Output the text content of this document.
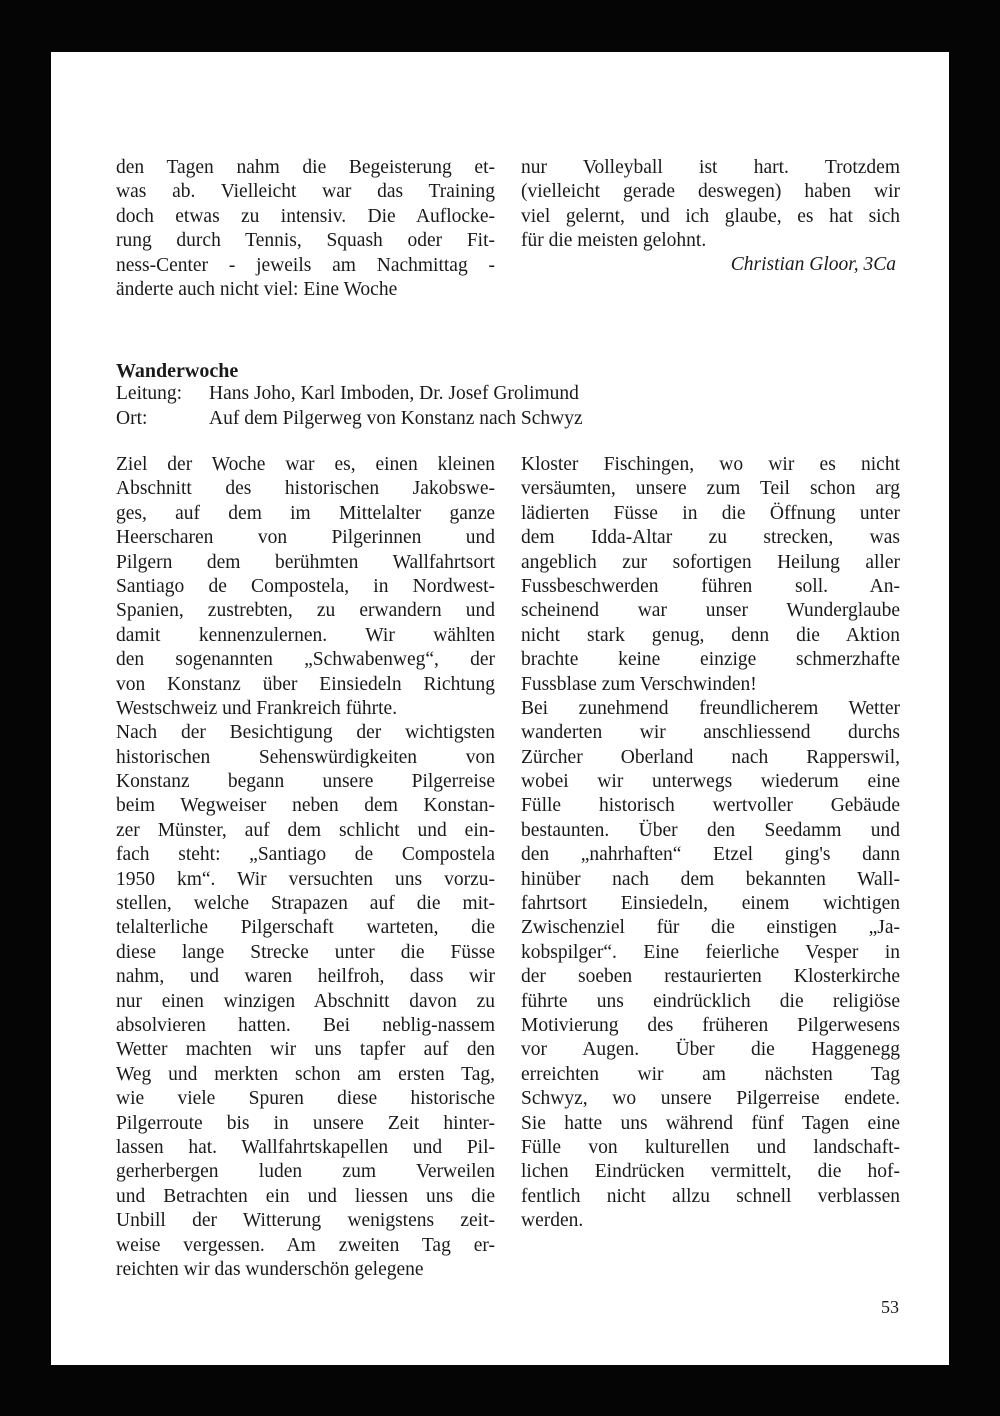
den Tagen nahm die Begeisterung et-
was ab. Vielleicht war das Training
doch etwas zu intensiv. Die Auflocke-
rung durch Tennis, Squash oder Fit-
ness-Center - jeweils am Nachmittag -
änderte auch nicht viel: Eine Woche
nur Volleyball ist hart. Trotzdem
(vielleicht gerade deswegen) haben wir
viel gelernt, und ich glaube, es hat sich
für die meisten gelohnt.
Christian Gloor, 3Ca
Wanderwoche
Leitung: Hans Joho, Karl Imboden, Dr. Josef Grolimund
Ort:	Auf dem Pilgerweg von Konstanz nach Schwyz
Ziel der Woche war es, einen kleinen
Abschnitt des historischen Jakobswe-
ges, auf dem im Mittelalter ganze
Heerscharen von Pilgerinnen und
Pilgern dem berühmten Wallfahrtsort
Santiago de Compostela, in Nordwest-
Spanien, zustrebten, zu erwandern und
damit kennenzulernen. Wir wählten
den sogenannten „Schwabenweg“, der
von Konstanz über Einsiedeln Richtung
Westschweiz und Frankreich führte.
Nach der Besichtigung der wichtigsten
historischen Sehenswürdigkeiten von
Konstanz begann unsere Pilgerreise
beim Wegweiser neben dem Konstan-
zer Münster, auf dem schlicht und ein-
fach steht: „Santiago de Compostela
1950 km“. Wir versuchten uns vorzu-
stellen, welche Strapazen auf die mit-
telalterliche Pilgerschaft warteten, die
diese lange Strecke unter die Füsse
nahm, und waren heilfroh, dass wir
nur einen winzigen Abschnitt davon zu
absolvieren hatten. Bei neblig-nassem
Wetter machten wir uns tapfer auf den
Weg und merkten schon am ersten Tag,
wie viele Spuren diese historische
Pilgerroute bis in unsere Zeit hinter-
lassen hat. Wallfahrtskapellen und Pil-
gerherbergen luden zum Verweilen
und Betrachten ein und liessen uns die
Unbill der Witterung wenigstens zeit-
weise vergessen. Am zweiten Tag er-
reichten wir das wunderschön gelegene
Kloster Fischingen, wo wir es nicht
versäumten, unsere zum Teil schon arg
lädierten Füsse in die Öffnung unter
dem Idda-Altar zu strecken, was
angeblich zur sofortigen Heilung aller
Fussbeschwerden führen soll. An-
scheinend war unser Wunderglaube
nicht stark genug, denn die Aktion
brachte keine einzige schmerzhafte
Fussblase zum Verschwinden!
Bei zunehmend freundlicherem Wetter
wanderten wir anschliessend durchs
Zürcher Oberland nach Rapperswil,
wobei wir unterwegs wiederum eine
Fülle historisch wertvoller Gebäude
bestaunten. Über den Seedamm und
den „nahrhaften“ Etzel ging's dann
hinüber nach dem bekannten Wall-
fahrtsort Einsiedeln, einem wichtigen
Zwischenziel für die einstigen „Ja-
kobspilger“. Eine feierliche Vesper in
der soeben restaurierten Klosterkirche
führte uns eindrücklich die religiöse
Motivierung des früheren Pilgerwesens
vor Augen. Über die Haggenegg
erreichten wir am nächsten Tag
Schwyz, wo unsere Pilgerreise endete.
Sie hatte uns während fünf Tagen eine
Fülle von kulturellen und landschaft-
lichen Eindrücken vermittelt, die hof-
fentlich nicht allzu schnell verblassen
werden.
53
